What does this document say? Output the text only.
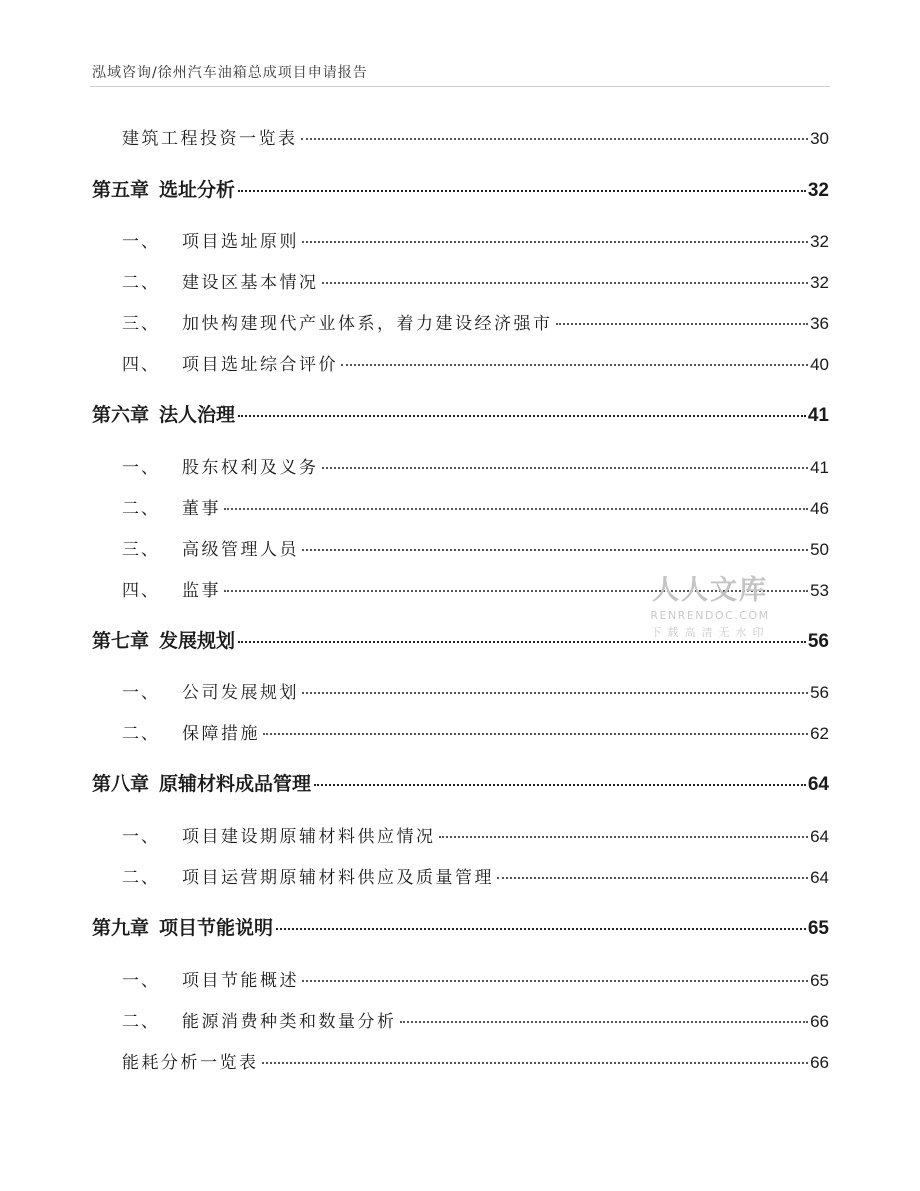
泓域咨询/徐州汽车油箱总成项目申请报告
建筑工程投资一览表	30
第五章 选址分析	32
一、	项目选址原则	32
二、	建设区基本情况	32
三、	加快构建现代产业体系，着力建设经济强市	36
四、	项目选址综合评价	40
第六章 法人治理	41
一、	股东权利及义务	41
二、	董事	46
三、	高级管理人员	50
四、	监事	53
第七章 发展规划	56
一、	公司发展规划	56
二、	保障措施	62
第八章 原辅材料成品管理	64
一、	项目建设期原辅材料供应情况	64
二、	项目运营期原辅材料供应及质量管理	64
第九章 项目节能说明	65
一、	项目节能概述	65
二、	能源消费种类和数量分析	66
能耗分析一览表	66
人人文库
RENRENDOC.COM
下载高清无水印
